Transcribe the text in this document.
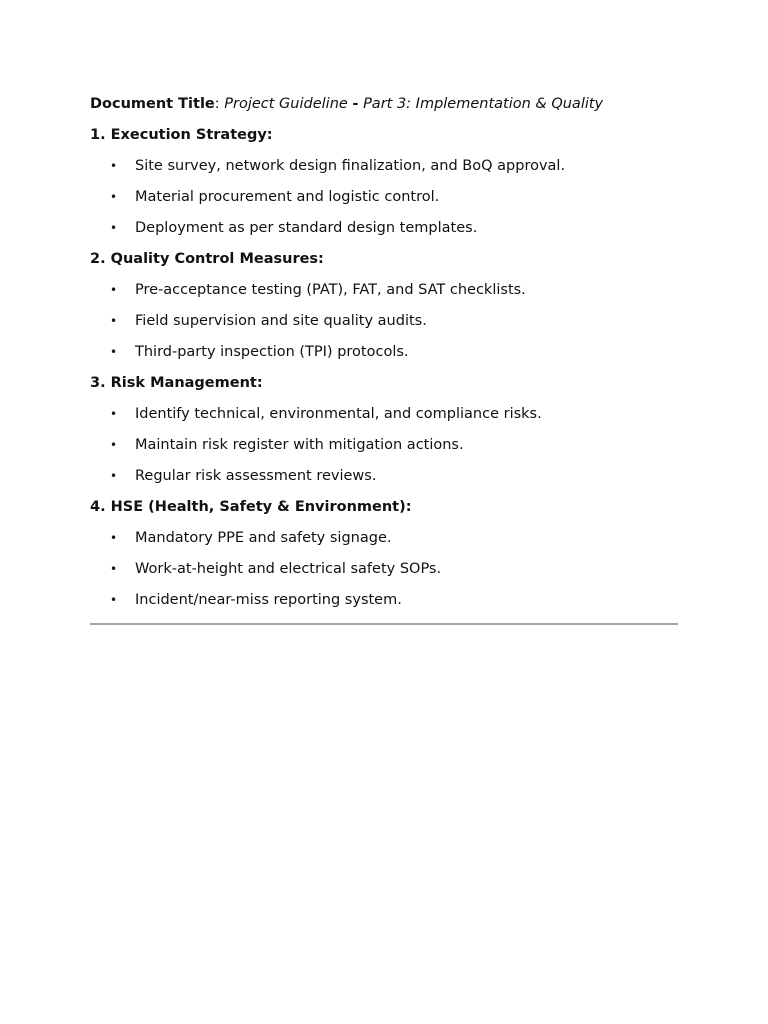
Document Title: Project Guideline - Part 3: Implementation & Quality
1. Execution Strategy:
• Site survey, network design finalization, and BoQ approval.
• Material procurement and logistic control.
• Deployment as per standard design templates.
2. Quality Control Measures:
• Pre-acceptance testing (PAT), FAT, and SAT checklists.
• Field supervision and site quality audits.
• Third-party inspection (TPI) protocols.
3. Risk Management:
• Identify technical, environmental, and compliance risks.
• Maintain risk register with mitigation actions.
• Regular risk assessment reviews.
4. HSE (Health, Safety & Environment):
• Mandatory PPE and safety signage.
• Work-at-height and electrical safety SOPs.
• Incident/near-miss reporting system.
